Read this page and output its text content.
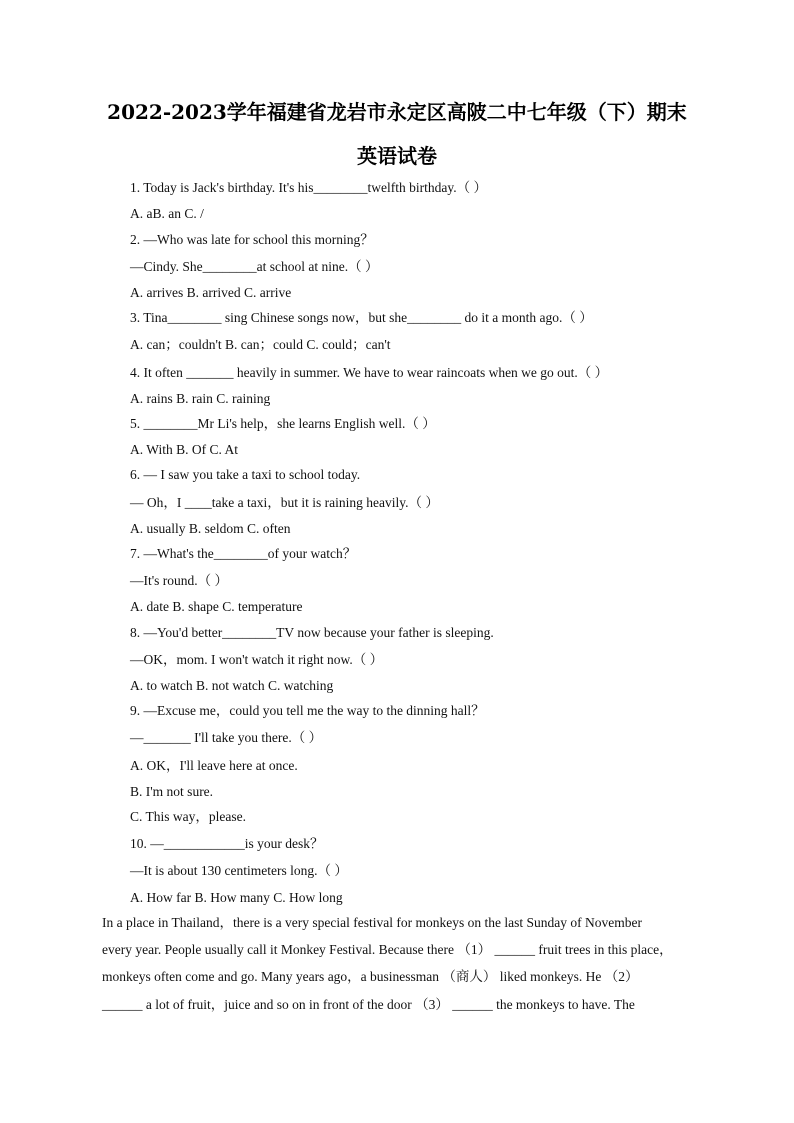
2022-2023学年福建省龙岩市永定区高陂二中七年级（下）期末
英语试卷
1. Today is Jack's birthday. It's his________twelfth birthday.（ ）
A. aB. an C. /
2. —Who was late for school this morning？
—Cindy. She________at school at nine.（ ）
A. arrives B. arrived C. arrive
3. Tina________ sing Chinese songs now，but she________ do it a month ago.（ ）
A. can；couldn't B. can；could C. could；can't
4. It often _______ heavily in summer. We have to wear raincoats when we go out.（ ）
A. rains B. rain C. raining
5. ________Mr Li's help，she learns English well.（ ）
A. With B. Of C. At
6. — I saw you take a taxi to school today.
— Oh，I ____take a taxi，but it is raining heavily.（ ）
A. usually B. seldom C. often
7. —What's the________of your watch？
—It's round.（ ）
A. date B. shape C. temperature
8. —You'd better________TV now because your father is sleeping.
—OK，mom. I won't watch it right now.（ ）
A. to watch B. not watch C. watching
9. —Excuse me，could you tell me the way to the dinning hall？
—_______ I'll take you there.（ ）
A. OK，I'll leave here at once.
B. I'm not sure.
C. This way，please.
10. —____________is your desk？
—It is about 130 centimeters long.（ ）
A. How far B. How many C. How long
In a place in Thailand，there is a very special festival for monkeys on the last Sunday of November
every year. People usually call it Monkey Festival. Because there （1） ______ fruit trees in this place，
monkeys often come and go. Many years ago，a businessman （商人） liked monkeys. He （2）
______ a lot of fruit，juice and so on in front of the door （3） ______ the monkeys to have. The
